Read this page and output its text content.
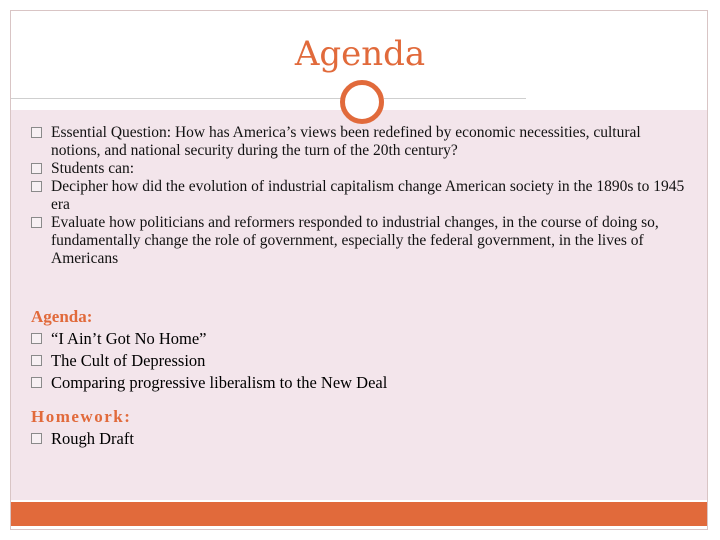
Agenda
Essential Question: How has America’s views been redefined by economic necessities, cultural notions, and national security during the turn of the 20th century?
Students can:
Decipher how did the evolution of industrial capitalism change American society in the 1890s to 1945 era
Evaluate how politicians and reformers responded to industrial changes, in the course of doing so, fundamentally change the role of government, especially the federal government, in the lives of Americans
Agenda:
“I Ain’t Got No Home”
The Cult of Depression
Comparing progressive liberalism to the New Deal
Homework:
Rough Draft
